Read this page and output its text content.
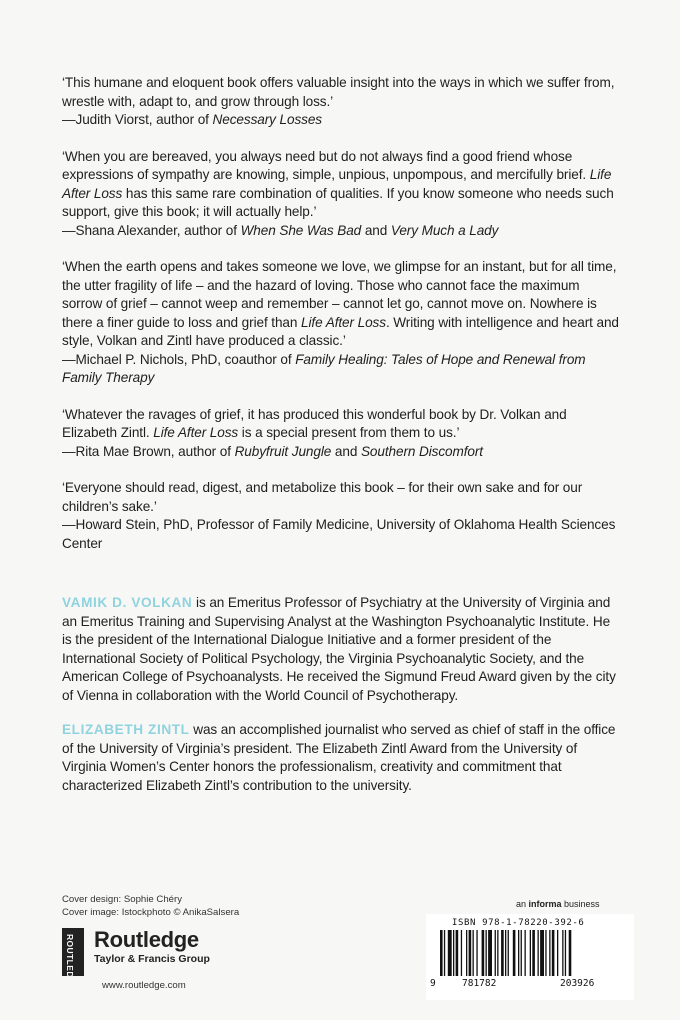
‘This humane and eloquent book offers valuable insight into the ways in which we suffer from, wrestle with, adapt to, and grow through loss.’

—Judith Viorst, author of Necessary Losses

‘When you are bereaved, you always need but do not always find a good friend whose expressions of sympathy are knowing, simple, unpious, unpompous, and mercifully brief. Life After Loss has this same rare combination of qualities. If you know someone who needs such support, give this book; it will actually help.’

—Shana Alexander, author of When She Was Bad and Very Much a Lady

‘When the earth opens and takes someone we love, we glimpse for an instant, but for all time, the utter fragility of life – and the hazard of loving. Those who cannot face the maximum sorrow of grief – cannot weep and remember – cannot let go, cannot move on. Nowhere is there a finer guide to loss and grief than Life After Loss. Writing with intelligence and heart and style, Volkan and Zintl have produced a classic.’

—Michael P. Nichols, PhD, coauthor of Family Healing: Tales of Hope and Renewal from Family Therapy

‘Whatever the ravages of grief, it has produced this wonderful book by Dr. Volkan and Elizabeth Zintl. Life After Loss is a special present from them to us.’

—Rita Mae Brown, author of Rubyfruit Jungle and Southern Discomfort

‘Everyone should read, digest, and metabolize this book – for their own sake and for our children’s sake.’

—Howard Stein, PhD, Professor of Family Medicine, University of Oklahoma Health Sciences Center

VAMIK D. VOLKAN is an Emeritus Professor of Psychiatry at the University of Virginia and an Emeritus Training and Supervising Analyst at the Washington Psychoanalytic Institute. He is the president of the International Dialogue Initiative and a former president of the International Society of Political Psychology, the Virginia Psychoanalytic Society, and the American College of Psychoanalysts. He received the Sigmund Freud Award given by the city of Vienna in collaboration with the World Council of Psychotherapy.

ELIZABETH ZINTL was an accomplished journalist who served as chief of staff in the office of the University of Virginia’s president. The Elizabeth Zintl Award from the University of Virginia Women’s Center honors the professionalism, creativity and commitment that characterized Elizabeth Zintl’s contribution to the university.

Cover design: Sophie Chéry
Cover image: Istockphoto © AnikaSalsera
ROUTLEDGE Routledge
Taylor & Francis Group
www.routledge.com
an informa business
ISBN 978-1-78220-392-6
9	781782	203926
